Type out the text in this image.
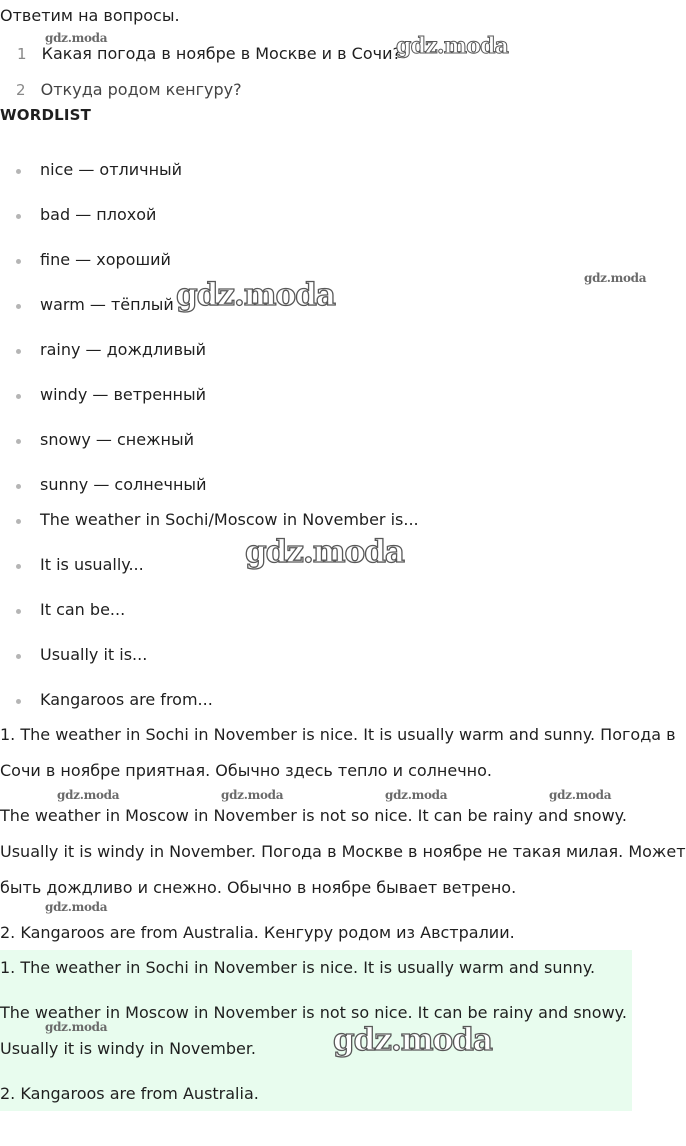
Ответим на вопросы.
1 Какая погода в ноябре в Москве и в Сочи?
2 Откуда родом кенгуру?
WORDLIST
nice — отличный
bad — плохой
fine — хороший
warm — тёплый
rainy — дождливый
windy — ветренный
snowy — снежный
sunny — солнечный
The weather in Sochi/Moscow in November is...
It is usually...
It can be...
Usually it is...
Kangaroos are from...
1. The weather in Sochi in November is nice. It is usually warm and sunny. Погода в
Сочи в ноябре приятная. Обычно здесь тепло и солнечно.
The weather in Moscow in November is not so nice. It can be rainy and snowy.
Usually it is windy in November. Погода в Москве в ноябре не такая милая. Может
быть дождливо и снежно. Обычно в ноябре бывает ветрено.
2. Kangaroos are from Australia. Кенгуру родом из Австралии.
1. The weather in Sochi in November is nice. It is usually warm and sunny.
The weather in Moscow in November is not so nice. It can be rainy and snowy.
Usually it is windy in November.
2. Kangaroos are from Australia.
gdz.moda	gdz.moda
gdz.moda
gdz.moda
gdz.moda
gdz.moda	gdz.moda	gdz.moda	gdz.moda
gdz.moda
gdz.moda	gdz.moda
